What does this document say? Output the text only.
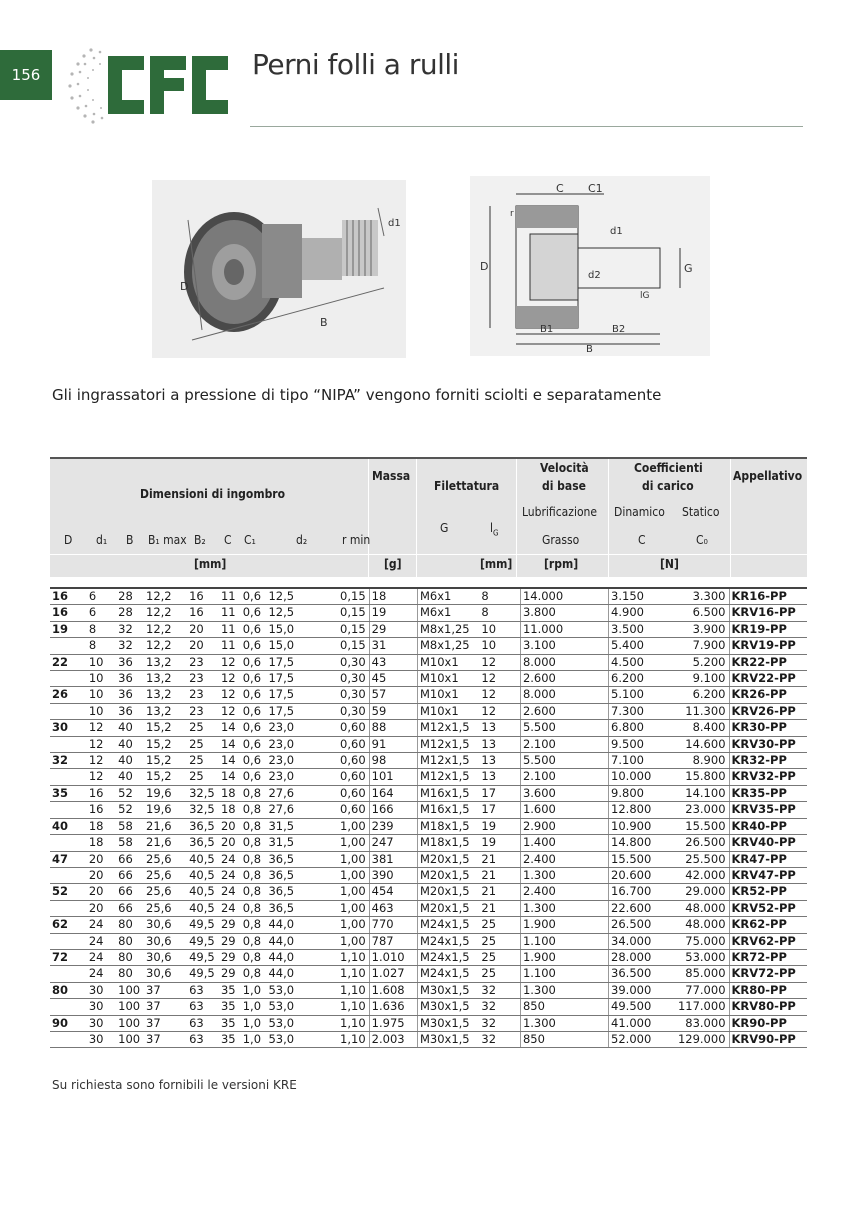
156	Perni folli a rulli
D
B
d1
C C1
D
d1
d2
G
B1	B2
B
r
lG
Gli ingrassatori a pressione di tipo “NIPA” vengono forniti sciolti e separatamente
Dimensioni di ingombro
Massa
Filettatura
Velocità
di base
Coefficienti
di carico
Appellativo
Lubrificazione Dinamico Statico
D d₁ B B₁ max B₂ C C₁	d₂	r min
G	$l_G$
Grasso	C	C₀
[mm]	[g]	[mm]	[rpm]	[N]
16	6	28	12,2	16	11	0,6	12,5	0,15	18	M6x1	8	14.000	3.150	3.300	KR16-PP
16	6	28	12,2	16	11	0,6	12,5	0,15	19	M6x1	8	3.800	4.900	6.500	KRV16-PP
19	8	32	12,2	20	11	0,6	15,0	0,15	29	M8x1,25	10	11.000	3.500	3.900	KR19-PP
	8	32	12,2	20	11	0,6	15,0	0,15	31	M8x1,25	10	3.100	5.400	7.900	KRV19-PP
22	10	36	13,2	23	12	0,6	17,5	0,30	43	M10x1	12	8.000	4.500	5.200	KR22-PP
	10	36	13,2	23	12	0,6	17,5	0,30	45	M10x1	12	2.600	6.200	9.100	KRV22-PP
26	10	36	13,2	23	12	0,6	17,5	0,30	57	M10x1	12	8.000	5.100	6.200	KR26-PP
	10	36	13,2	23	12	0,6	17,5	0,30	59	M10x1	12	2.600	7.300	11.300	KRV26-PP
30	12	40	15,2	25	14	0,6	23,0	0,60	88	M12x1,5	13	5.500	6.800	8.400	KR30-PP
	12	40	15,2	25	14	0,6	23,0	0,60	91	M12x1,5	13	2.100	9.500	14.600	KRV30-PP
32	12	40	15,2	25	14	0,6	23,0	0,60	98	M12x1,5	13	5.500	7.100	8.900	KR32-PP
	12	40	15,2	25	14	0,6	23,0	0,60	101	M12x1,5	13	2.100	10.000	15.800	KRV32-PP
35	16	52	19,6	32,5	18	0,8	27,6	0,60	164	M16x1,5	17	3.600	9.800	14.100	KR35-PP
	16	52	19,6	32,5	18	0,8	27,6	0,60	166	M16x1,5	17	1.600	12.800	23.000	KRV35-PP
40	18	58	21,6	36,5	20	0,8	31,5	1,00	239	M18x1,5	19	2.900	10.900	15.500	KR40-PP
	18	58	21,6	36,5	20	0,8	31,5	1,00	247	M18x1,5	19	1.400	14.800	26.500	KRV40-PP
47	20	66	25,6	40,5	24	0,8	36,5	1,00	381	M20x1,5	21	2.400	15.500	25.500	KR47-PP
	20	66	25,6	40,5	24	0,8	36,5	1,00	390	M20x1,5	21	1.300	20.600	42.000	KRV47-PP
52	20	66	25,6	40,5	24	0,8	36,5	1,00	454	M20x1,5	21	2.400	16.700	29.000	KR52-PP
	20	66	25,6	40,5	24	0,8	36,5	1,00	463	M20x1,5	21	1.300	22.600	48.000	KRV52-PP
62	24	80	30,6	49,5	29	0,8	44,0	1,00	770	M24x1,5	25	1.900	26.500	48.000	KR62-PP
	24	80	30,6	49,5	29	0,8	44,0	1,00	787	M24x1,5	25	1.100	34.000	75.000	KRV62-PP
72	24	80	30,6	49,5	29	0,8	44,0	1,10	1.010	M24x1,5	25	1.900	28.000	53.000	KR72-PP
	24	80	30,6	49,5	29	0,8	44,0	1,10	1.027	M24x1,5	25	1.100	36.500	85.000	KRV72-PP
80	30	100	37	63	35	1,0	53,0	1,10	1.608	M30x1,5	32	1.300	39.000	77.000	KR80-PP
	30	100	37	63	35	1,0	53,0	1,10	1.636	M30x1,5	32	850	49.500	117.000	KRV80-PP
90	30	100	37	63	35	1,0	53,0	1,10	1.975	M30x1,5	32	1.300	41.000	83.000	KR90-PP
	30	100	37	63	35	1,0	53,0	1,10	2.003	M30x1,5	32	850	52.000	129.000	KRV90-PP
Su richiesta sono fornibili le versioni KRE
